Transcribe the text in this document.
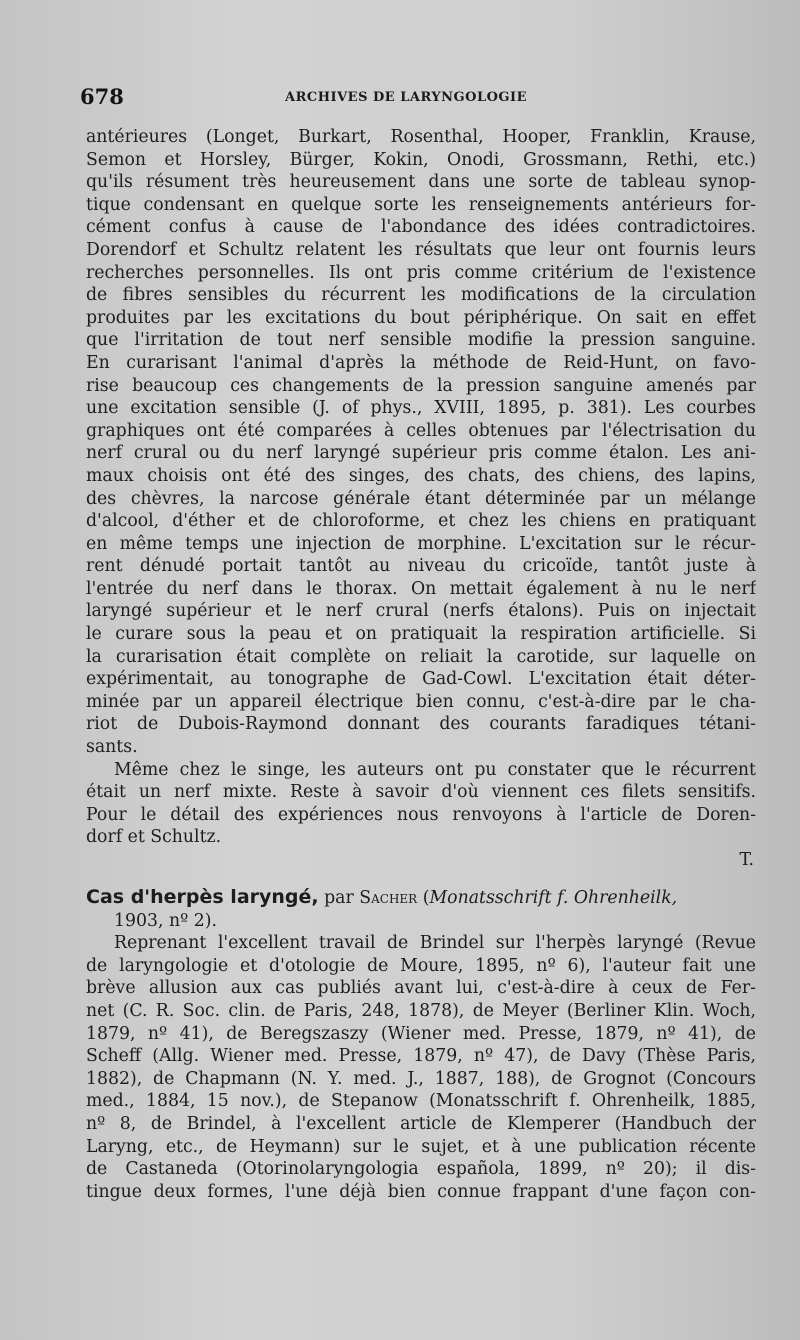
678	ARCHIVES DE LARYNGOLOGIE
antérieures (Longet, Burkart, Rosenthal, Hooper, Franklin, Krause,
Semon et Horsley, Bürger, Kokin, Onodi, Grossmann, Rethi, etc.)
qu'ils résument très heureusement dans une sorte de tableau synop-
tique condensant en quelque sorte les renseignements antérieurs for-
cément confus à cause de l'abondance des idées contradictoires.
Dorendorf et Schultz relatent les résultats que leur ont fournis leurs
recherches personnelles. Ils ont pris comme critérium de l'existence
de fibres sensibles du récurrent les modifications de la circulation
produites par les excitations du bout périphérique. On sait en effet
que l'irritation de tout nerf sensible modifie la pression sanguine.
En curarisant l'animal d'après la méthode de Reid-Hunt, on favo-
rise beaucoup ces changements de la pression sanguine amenés par
une excitation sensible (J. of phys., XVIII, 1895, p. 381). Les courbes
graphiques ont été comparées à celles obtenues par l'électrisation du
nerf crural ou du nerf laryngé supérieur pris comme étalon. Les ani-
maux choisis ont été des singes, des chats, des chiens, des lapins,
des chèvres, la narcose générale étant déterminée par un mélange
d'alcool, d'éther et de chloroforme, et chez les chiens en pratiquant
en même temps une injection de morphine. L'excitation sur le récur-
rent dénudé portait tantôt au niveau du cricoïde, tantôt juste à
l'entrée du nerf dans le thorax. On mettait également à nu le nerf
laryngé supérieur et le nerf crural (nerfs étalons). Puis on injectait
le curare sous la peau et on pratiquait la respiration artificielle. Si
la curarisation était complète on reliait la carotide, sur laquelle on
expérimentait, au tonographe de Gad-Cowl. L'excitation était déter-
minée par un appareil électrique bien connu, c'est-à-dire par le cha-
riot de Dubois-Raymond donnant des courants faradiques tétani-
sants.
Même chez le singe, les auteurs ont pu constater que le récurrent
était un nerf mixte. Reste à savoir d'où viennent ces filets sensitifs.
Pour le détail des expériences nous renvoyons à l'article de Doren-
dorf et Schultz.
T.
Cas d'herpès laryngé, par Sacher (Monatsschrift f. Ohrenheilk,
1903, nº 2).
Reprenant l'excellent travail de Brindel sur l'herpès laryngé (Revue
de laryngologie et d'otologie de Moure, 1895, nº 6), l'auteur fait une
brève allusion aux cas publiés avant lui, c'est-à-dire à ceux de Fer-
net (C. R. Soc. clin. de Paris, 248, 1878), de Meyer (Berliner Klin. Woch,
1879, nº 41), de Beregszaszy (Wiener med. Presse, 1879, nº 41), de
Scheff (Allg. Wiener med. Presse, 1879, nº 47), de Davy (Thèse Paris,
1882), de Chapmann (N. Y. med. J., 1887, 188), de Grognot (Concours
med., 1884, 15 nov.), de Stepanow (Monatsschrift f. Ohrenheilk, 1885,
nº 8, de Brindel, à l'excellent article de Klemperer (Handbuch der
Laryng, etc., de Heymann) sur le sujet, et à une publication récente
de Castaneda (Otorinolaryngologia española, 1899, nº 20); il dis-
tingue deux formes, l'une déjà bien connue frappant d'une façon con-
